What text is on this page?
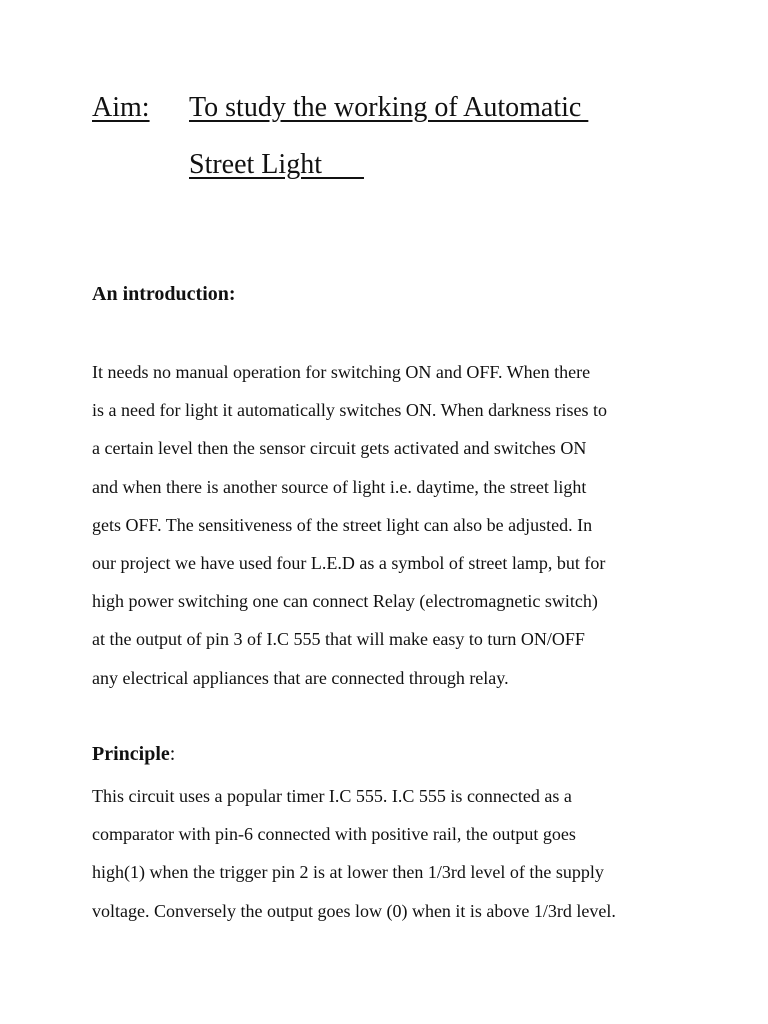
Aim: To study the working of Automatic
Street Light
An introduction:

It needs no manual operation for switching ON and OFF. When there
is a need for light it automatically switches ON. When darkness rises to
a certain level then the sensor circuit gets activated and switches ON
and when there is another source of light i.e. daytime, the street light
gets OFF. The sensitiveness of the street light can also be adjusted. In
our project we have used four L.E.D as a symbol of street lamp, but for
high power switching one can connect Relay (electromagnetic switch)
at the output of pin 3 of I.C 555 that will make easy to turn ON/OFF
any electrical appliances that are connected through relay.

Principle:

This circuit uses a popular timer I.C 555. I.C 555 is connected as a
comparator with pin-6 connected with positive rail, the output goes
high(1) when the trigger pin 2 is at lower then 1/3rd level of the supply
voltage. Conversely the output goes low (0) when it is above 1/3rd level.
